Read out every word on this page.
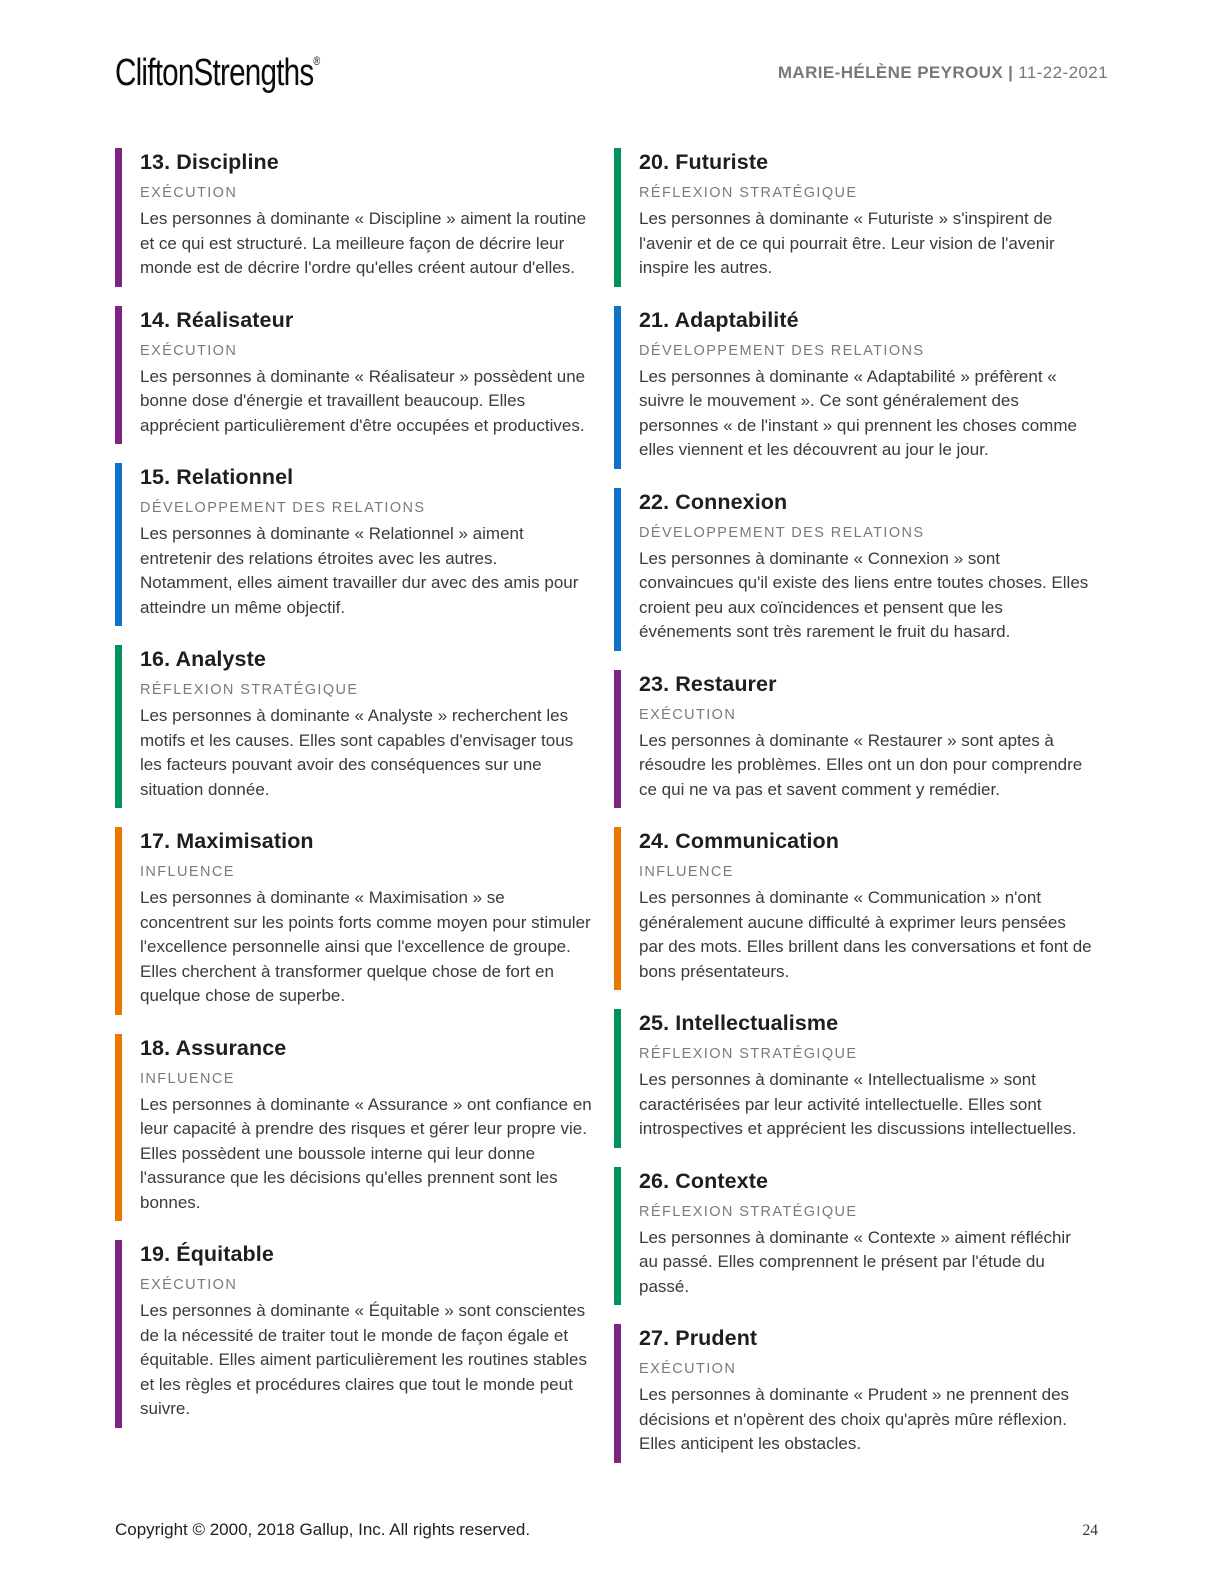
CliftonStrengths®
MARIE-HÉLÈNE PEYROUX | 11-22-2021
13. Discipline
EXÉCUTION

Les personnes à dominante « Discipline » aiment la routine et ce qui est structuré. La meilleure façon de décrire leur monde est de décrire l'ordre qu'elles créent autour d'elles.

14. Réalisateur
EXÉCUTION

Les personnes à dominante « Réalisateur » possèdent une bonne dose d'énergie et travaillent beaucoup. Elles apprécient particulièrement d'être occupées et productives.

15. Relationnel
DÉVELOPPEMENT DES RELATIONS

Les personnes à dominante « Relationnel » aiment entretenir des relations étroites avec les autres. Notamment, elles aiment travailler dur avec des amis pour atteindre un même objectif.

16. Analyste
RÉFLEXION STRATÉGIQUE

Les personnes à dominante « Analyste » recherchent les motifs et les causes. Elles sont capables d'envisager tous les facteurs pouvant avoir des conséquences sur une situation donnée.

17. Maximisation
INFLUENCE

Les personnes à dominante « Maximisation » se concentrent sur les points forts comme moyen pour stimuler l'excellence personnelle ainsi que l'excellence de groupe. Elles cherchent à transformer quelque chose de fort en quelque chose de superbe.

18. Assurance
INFLUENCE

Les personnes à dominante « Assurance » ont confiance en leur capacité à prendre des risques et gérer leur propre vie. Elles possèdent une boussole interne qui leur donne l'assurance que les décisions qu'elles prennent sont les bonnes.

19. Équitable
EXÉCUTION

Les personnes à dominante « Équitable » sont conscientes de la nécessité de traiter tout le monde de façon égale et équitable. Elles aiment particulièrement les routines stables et les règles et procédures claires que tout le monde peut suivre.

20. Futuriste
RÉFLEXION STRATÉGIQUE

Les personnes à dominante « Futuriste » s'inspirent de l'avenir et de ce qui pourrait être. Leur vision de l'avenir inspire les autres.

21. Adaptabilité
DÉVELOPPEMENT DES RELATIONS

Les personnes à dominante « Adaptabilité » préfèrent « suivre le mouvement ». Ce sont généralement des personnes « de l'instant » qui prennent les choses comme elles viennent et les découvrent au jour le jour.

22. Connexion
DÉVELOPPEMENT DES RELATIONS

Les personnes à dominante « Connexion » sont convaincues qu'il existe des liens entre toutes choses. Elles croient peu aux coïncidences et pensent que les événements sont très rarement le fruit du hasard.

23. Restaurer
EXÉCUTION

Les personnes à dominante « Restaurer » sont aptes à résoudre les problèmes. Elles ont un don pour comprendre ce qui ne va pas et savent comment y remédier.

24. Communication
INFLUENCE

Les personnes à dominante « Communication » n'ont généralement aucune difficulté à exprimer leurs pensées par des mots. Elles brillent dans les conversations et font de bons présentateurs.

25. Intellectualisme
RÉFLEXION STRATÉGIQUE

Les personnes à dominante « Intellectualisme » sont caractérisées par leur activité intellectuelle. Elles sont introspectives et apprécient les discussions intellectuelles.

26. Contexte
RÉFLEXION STRATÉGIQUE

Les personnes à dominante « Contexte » aiment réfléchir au passé. Elles comprennent le présent par l'étude du passé.

27. Prudent
EXÉCUTION

Les personnes à dominante « Prudent » ne prennent des décisions et n'opèrent des choix qu'après mûre réflexion. Elles anticipent les obstacles.

Copyright © 2000, 2018 Gallup, Inc. All rights reserved.	24
